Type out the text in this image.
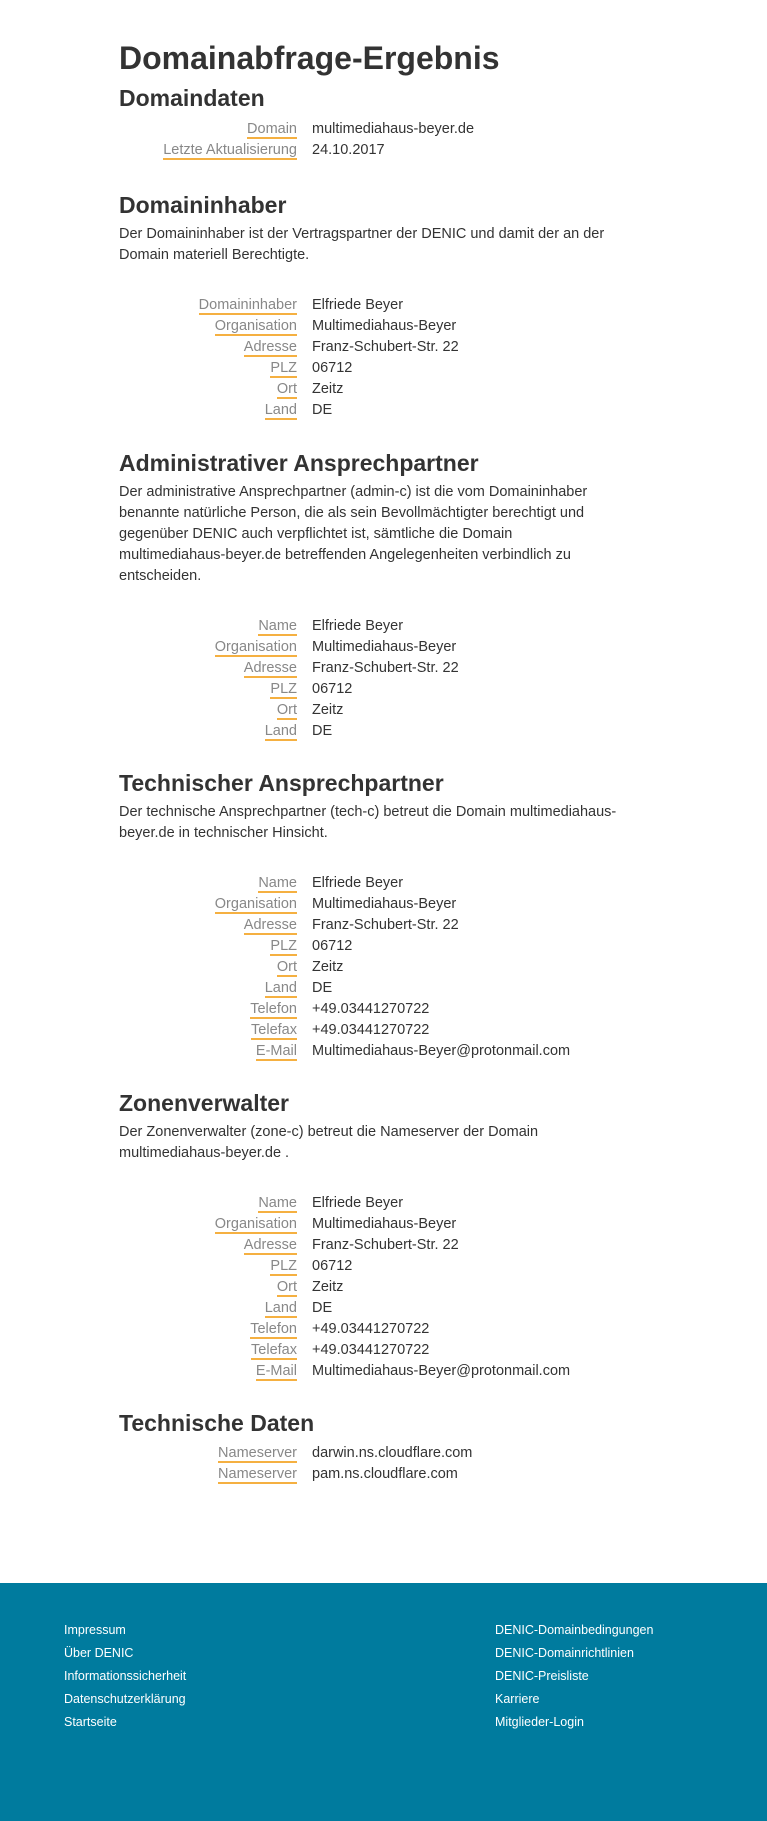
Domainabfrage-Ergebnis
Domaindaten
Domain multimediahaus-beyer.de
Letzte Aktualisierung 24.10.2017
Domaininhaber

Der Domaininhaber ist der Vertragspartner der DENIC und damit der an der Domain materiell Berechtigte.

Domaininhaber Elfriede Beyer
Organisation Multimediahaus-Beyer
Adresse Franz-Schubert-Str. 22
PLZ 06712
Ort Zeitz
Land DE
Administrativer Ansprechpartner

Der administrative Ansprechpartner (admin-c) ist die vom Domaininhaber benannte natürliche Person, die als sein Bevollmächtigter berechtigt und gegenüber DENIC auch verpflichtet ist, sämtliche die Domain multimediahaus-beyer.de betreffenden Angelegenheiten verbindlich zu entscheiden.

Name Elfriede Beyer
Organisation Multimediahaus-Beyer
Adresse Franz-Schubert-Str. 22
PLZ 06712
Ort Zeitz
Land DE
Technischer Ansprechpartner

Der technische Ansprechpartner (tech-c) betreut die Domain multimediahaus-beyer.de in technischer Hinsicht.

Name Elfriede Beyer
Organisation Multimediahaus-Beyer
Adresse Franz-Schubert-Str. 22
PLZ 06712
Ort Zeitz
Land DE
Telefon +49.03441270722
Telefax +49.03441270722
E-Mail Multimediahaus-Beyer@protonmail.com
Zonenverwalter

Der Zonenverwalter (zone-c) betreut die Nameserver der Domain multimediahaus-beyer.de .

Name Elfriede Beyer
Organisation Multimediahaus-Beyer
Adresse Franz-Schubert-Str. 22
PLZ 06712
Ort Zeitz
Land DE
Telefon +49.03441270722
Telefax +49.03441270722
E-Mail Multimediahaus-Beyer@protonmail.com
Technische Daten
Nameserver darwin.ns.cloudflare.com
Nameserver pam.ns.cloudflare.com
Impressum
Über DENIC
Informationssicherheit
Datenschutzerklärung
Startseite
DENIC-Domainbedingungen
DENIC-Domainrichtlinien
DENIC-Preisliste
Karriere
Mitglieder-Login
